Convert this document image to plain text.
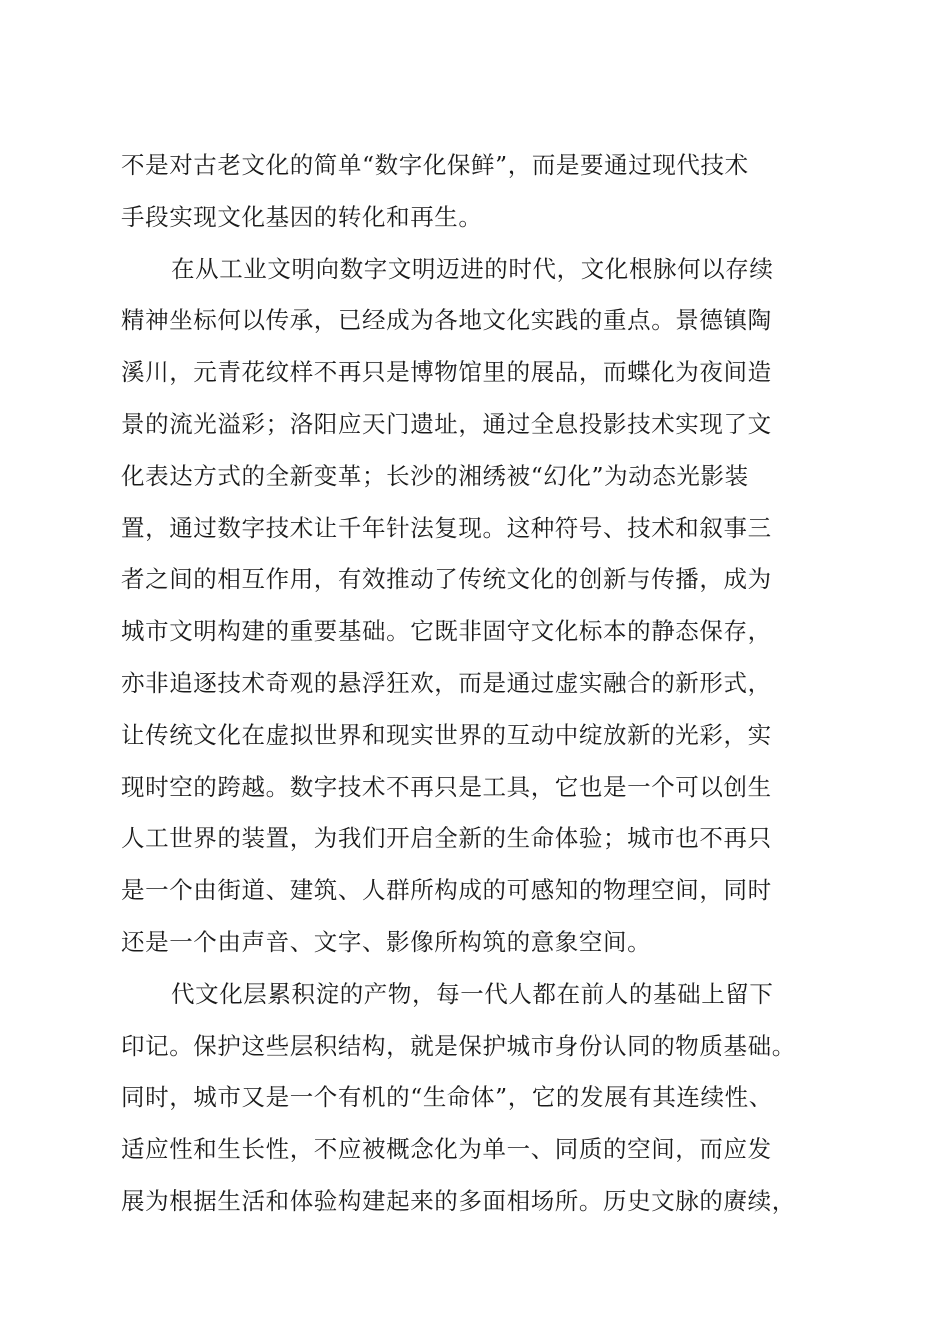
不是对古老文化的简单“数字化保鲜”，而是要通过现代技术
手段实现文化基因的转化和再生。
在从工业文明向数字文明迈进的时代，文化根脉何以存续
精神坐标何以传承，已经成为各地文化实践的重点。景德镇陶
溪川，元青花纹样不再只是博物馆里的展品，而蝶化为夜间造
景的流光溢彩；洛阳应天门遗址，通过全息投影技术实现了文
化表达方式的全新变革；长沙的湘绣被“幻化”为动态光影装
置，通过数字技术让千年针法复现。这种符号、技术和叙事三
者之间的相互作用，有效推动了传统文化的创新与传播，成为
城市文明构建的重要基础。它既非固守文化标本的静态保存，
亦非追逐技术奇观的悬浮狂欢，而是通过虚实融合的新形式，
让传统文化在虚拟世界和现实世界的互动中绽放新的光彩，实
现时空的跨越。数字技术不再只是工具，它也是一个可以创生
人工世界的装置，为我们开启全新的生命体验；城市也不再只
是一个由街道、建筑、人群所构成的可感知的物理空间，同时
还是一个由声音、文字、影像所构筑的意象空间。
代文化层累积淀的产物，每一代人都在前人的基础上留下
印记。保护这些层积结构，就是保护城市身份认同的物质基础。
同时，城市又是一个有机的“生命体”，它的发展有其连续性、
适应性和生长性，不应被概念化为单一、同质的空间，而应发
展为根据生活和体验构建起来的多面相场所。历史文脉的赓续，
